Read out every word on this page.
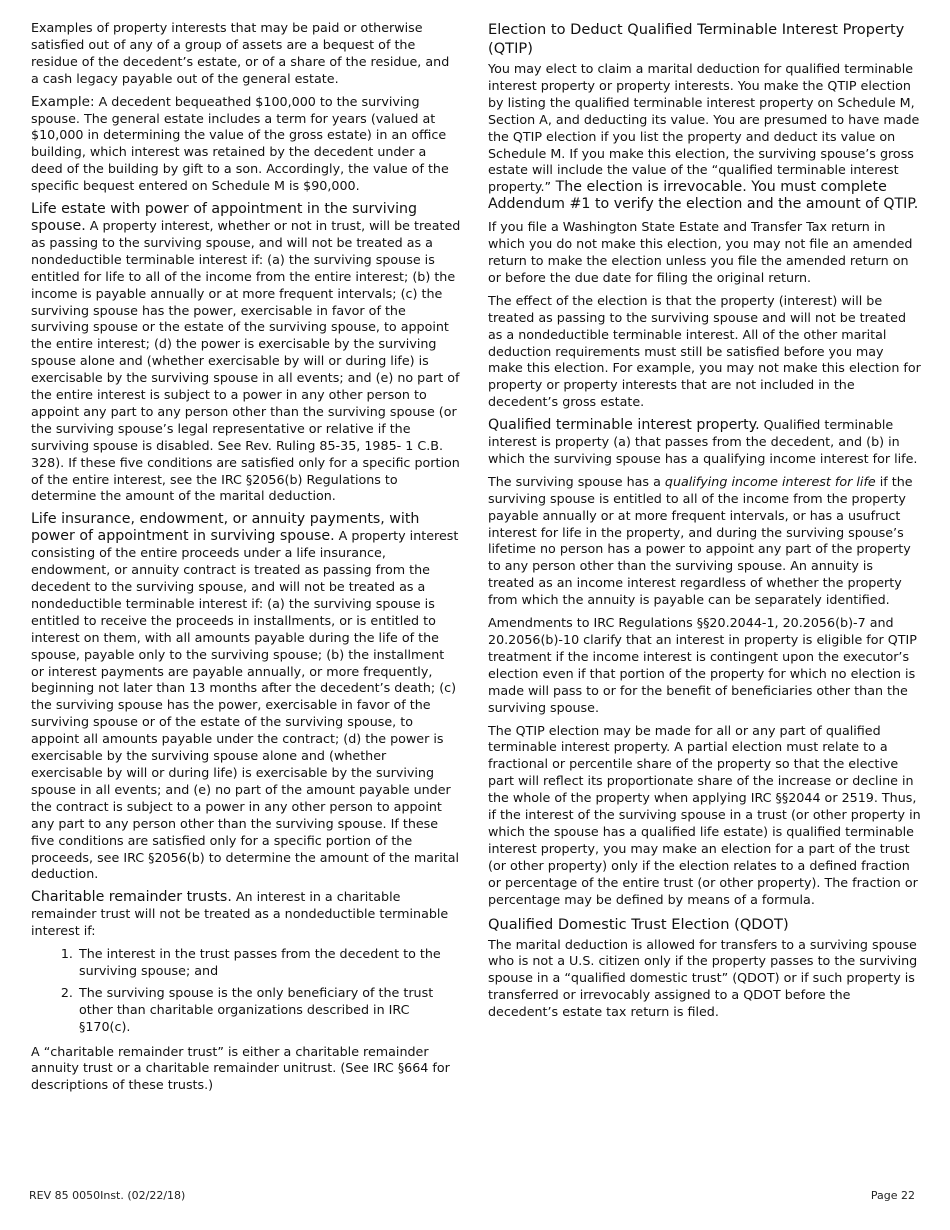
Examples of property interests that may be paid or otherwise satisfied out of any of a group of assets are a bequest of the residue of the decedent’s estate, or of a share of the residue, and a cash legacy payable out of the general estate.

Example: A decedent bequeathed $100,000 to the surviving spouse. The general estate includes a term for years (valued at $10,000 in determining the value of the gross estate) in an office building, which interest was retained by the decedent under a deed of the building by gift to a son. Accordingly, the value of the specific bequest entered on Schedule M is $90,000.

Life estate with power of appointment in the surviving spouse. A property interest, whether or not in trust, will be treated as passing to the surviving spouse, and will not be treated as a nondeductible terminable interest if: (a) the surviving spouse is entitled for life to all of the income from the entire interest; (b) the income is payable annually or at more frequent intervals; (c) the surviving spouse has the power, exercisable in favor of the surviving spouse or the estate of the surviving spouse, to appoint the entire interest; (d) the power is exercisable by the surviving spouse alone and (whether exercisable by will or during life) is exercisable by the surviving spouse in all events; and (e) no part of the entire interest is subject to a power in any other person to appoint any part to any person other than the surviving spouse (or the surviving spouse’s legal representative or relative if the surviving spouse is disabled. See Rev. Ruling 85-35, 1985- 1 C.B. 328). If these five conditions are satisfied only for a specific portion of the entire interest, see the IRC §2056(b) Regulations to determine the amount of the marital deduction.

Life insurance, endowment, or annuity payments, with power of appointment in surviving spouse. A property interest consisting of the entire proceeds under a life insurance, endowment, or annuity contract is treated as passing from the decedent to the surviving spouse, and will not be treated as a nondeductible terminable interest if: (a) the surviving spouse is entitled to receive the proceeds in installments, or is entitled to interest on them, with all amounts payable during the life of the spouse, payable only to the surviving spouse; (b) the installment or interest payments are payable annually, or more frequently, beginning not later than 13 months after the decedent’s death; (c) the surviving spouse has the power, exercisable in favor of the surviving spouse or of the estate of the surviving spouse, to appoint all amounts payable under the contract; (d) the power is exercisable by the surviving spouse alone and (whether exercisable by will or during life) is exercisable by the surviving spouse in all events; and (e) no part of the amount payable under the contract is subject to a power in any other person to appoint any part to any person other than the surviving spouse. If these five conditions are satisfied only for a specific portion of the proceeds, see IRC §2056(b) to determine the amount of the marital deduction.

Charitable remainder trusts. An interest in a charitable remainder trust will not be treated as a nondeductible terminable interest if:

1. The interest in the trust passes from the decedent to the surviving spouse; and
2. The surviving spouse is the only beneficiary of the trust other than charitable organizations described in IRC §170(c).

A “charitable remainder trust” is either a charitable remainder annuity trust or a charitable remainder unitrust. (See IRC §664 for descriptions of these trusts.)

Election to Deduct Qualified Terminable Interest Property (QTIP)

You may elect to claim a marital deduction for qualified terminable interest property or property interests. You make the QTIP election by listing the qualified terminable interest property on Schedule M, Section A, and deducting its value. You are presumed to have made the QTIP election if you list the property and deduct its value on Schedule M. If you make this election, the surviving spouse’s gross estate will include the value of the “qualified terminable interest property.” The election is irrevocable. You must complete Addendum #1 to verify the election and the amount of QTIP.

If you file a Washington State Estate and Transfer Tax return in which you do not make this election, you may not file an amended return to make the election unless you file the amended return on or before the due date for filing the original return.

The effect of the election is that the property (interest) will be treated as passing to the surviving spouse and will not be treated as a nondeductible terminable interest. All of the other marital deduction requirements must still be satisfied before you may make this election. For example, you may not make this election for property or property interests that are not included in the decedent’s gross estate.

Qualified terminable interest property. Qualified terminable interest is property (a) that passes from the decedent, and (b) in which the surviving spouse has a qualifying income interest for life.

The surviving spouse has a qualifying income interest for life if the surviving spouse is entitled to all of the income from the property payable annually or at more frequent intervals, or has a usufruct interest for life in the property, and during the surviving spouse’s lifetime no person has a power to appoint any part of the property to any person other than the surviving spouse. An annuity is treated as an income interest regardless of whether the property from which the annuity is payable can be separately identified.

Amendments to IRC Regulations §§20.2044-1, 20.2056(b)-7 and 20.2056(b)-10 clarify that an interest in property is eligible for QTIP treatment if the income interest is contingent upon the executor’s election even if that portion of the property for which no election is made will pass to or for the benefit of beneficiaries other than the surviving spouse.

The QTIP election may be made for all or any part of qualified terminable interest property. A partial election must relate to a fractional or percentile share of the property so that the elective part will reflect its proportionate share of the increase or decline in the whole of the property when applying IRC §§2044 or 2519. Thus, if the interest of the surviving spouse in a trust (or other property in which the spouse has a qualified life estate) is qualified terminable interest property, you may make an election for a part of the trust (or other property) only if the election relates to a defined fraction or percentage of the entire trust (or other property). The fraction or percentage may be defined by means of a formula.

Qualified Domestic Trust Election (QDOT)

The marital deduction is allowed for transfers to a surviving spouse who is not a U.S. citizen only if the property passes to the surviving spouse in a “qualified domestic trust” (QDOT) or if such property is transferred or irrevocably assigned to a QDOT before the decedent’s estate tax return is filed.

REV 85 0050Inst. (02/22/18)	Page 22
